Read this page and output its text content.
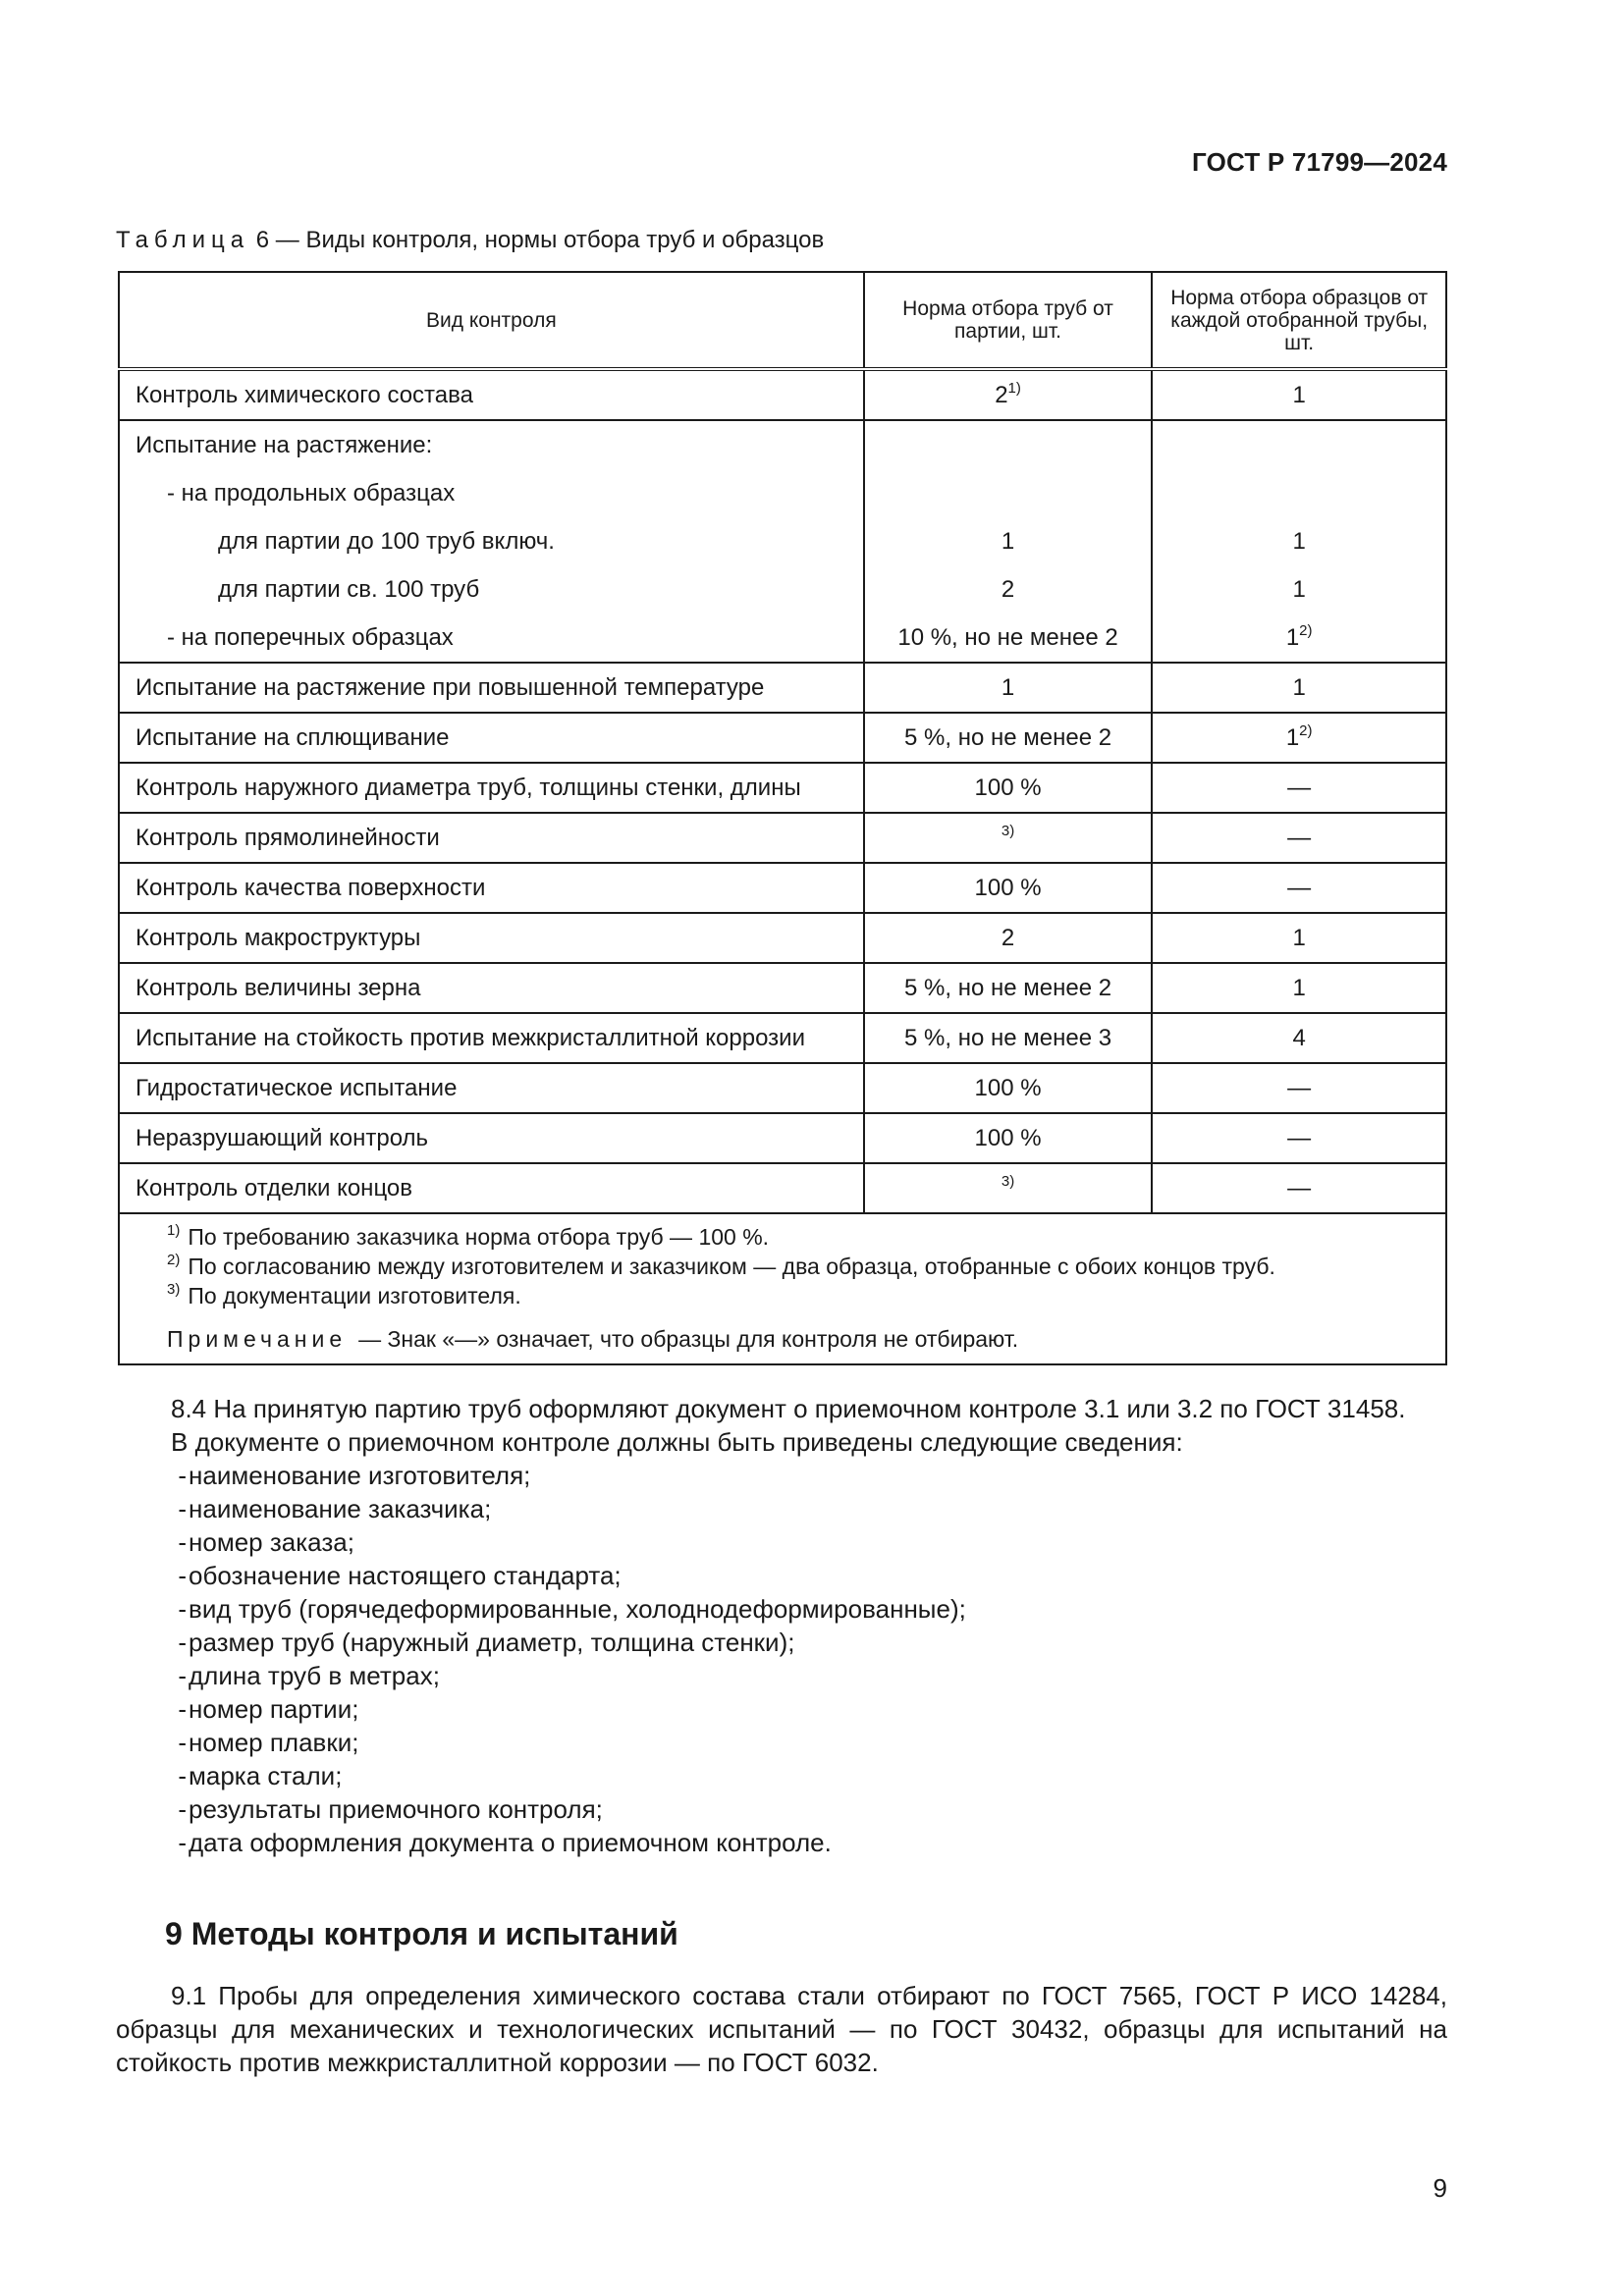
ГОСТ Р 71799—2024
Таблица 6 — Виды контроля, нормы отбора труб и образцов
Вид контроля	Норма отбора труб от партии, шт.	Норма отбора образцов от каждой отобранной трубы, шт.
Контроль химического состава	2$^{1)}$	1
Испытание на растяжение:		
- на продольных образцах		
для партии до 100 труб включ.	1	1
для партии св. 100 труб	2	1
- на поперечных образцах	10 %, но не менее 2	1$^{2)}$
Испытание на растяжение при повышенной температуре	1	1
Испытание на сплющивание	5 %, но не менее 2	1$^{2)}$
Контроль наружного диаметра труб, толщины стенки, длины	100 %	—
Контроль прямолинейности	$^{3)}$	—
Контроль качества поверхности	100 %	—
Контроль макроструктуры	2	1
Контроль величины зерна	5 %, но не менее 2	1
Испытание на стойкость против межкристаллитной коррозии	5 %, но не менее 3	4
Гидростатическое испытание	100 %	—
Неразрушающий контроль	100 %	—
Контроль отделки концов	$^{3)}$	—

$^{1)}$ По требованию заказчика норма отбора труб — 100 %.
$^{2)}$ По согласованию между изготовителем и заказчиком — два образца, отобранные с обоих концов труб.
$^{3)}$ По документации изготовителя.
Примечание — Знак «—» означает, что образцы для контроля не отбирают.		

8.4 На принятую партию труб оформляют документ о приемочном контроле 3.1 или 3.2 по ГОСТ 31458.

В документе о приемочном контроле должны быть приведены следующие сведения:

- наименование изготовителя;
- наименование заказчика;
- номер заказа;
- обозначение настоящего стандарта;
- вид труб (горячедеформированные, холоднодеформированные);
- размер труб (наружный диаметр, толщина стенки);
- длина труб в метрах;
- номер партии;
- номер плавки;
- марка стали;
- результаты приемочного контроля;
- дата оформления документа о приемочном контроле.
9 Методы контроля и испытаний

9.1 Пробы для определения химического состава стали отбирают по ГОСТ 7565, ГОСТ Р ИСО 14284, образцы для механических и технологических испытаний — по ГОСТ 30432, образцы для испытаний на стойкость против межкристаллитной коррозии — по ГОСТ 6032.

9
